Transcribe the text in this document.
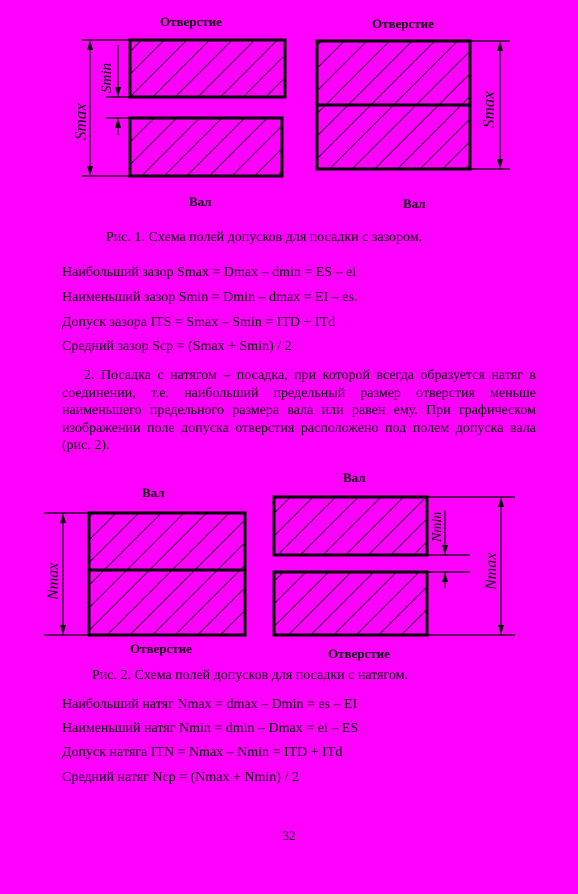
Smax
Smin
Smax
Отверстие	Отверстие
Вал	Вал
Рис. 1. Схема полей допусков для посадки с зазором.
Наибольший зазор Smax = Dmax – dmin = ES – ei
Наименьший зазор Smin = Dmin – dmax = EI – es.
Допуск зазора ITS = Smax – Smin = ITD + ITd
Средний зазор Sср = (Smax + Smin) / 2
2. Посадка с натягом – посадка, при которой всегда образуется натяг в соединении, т.е. наибольший предельный размер отверстия меньше наименьшего предельного размера вала или равен ему. При графическом изображении поле допуска отверстия расположено под полем допуска вала (рис. 2).
Nmax
Nmin
Nmax
Вал
Вал
Отверстие	Отверстие
Рис. 2. Схема полей допусков для посадки с натягом.
Наибольший натяг Nmax = dmax – Dmin = es – EI
Наименьший натяг Nmin = dmin – Dmax = ei – ES
Допуск натяга ITN = Nmax – Nmin = ITD + ITd
Средний натяг Nср = (Nmax + Nmin) / 2
32
